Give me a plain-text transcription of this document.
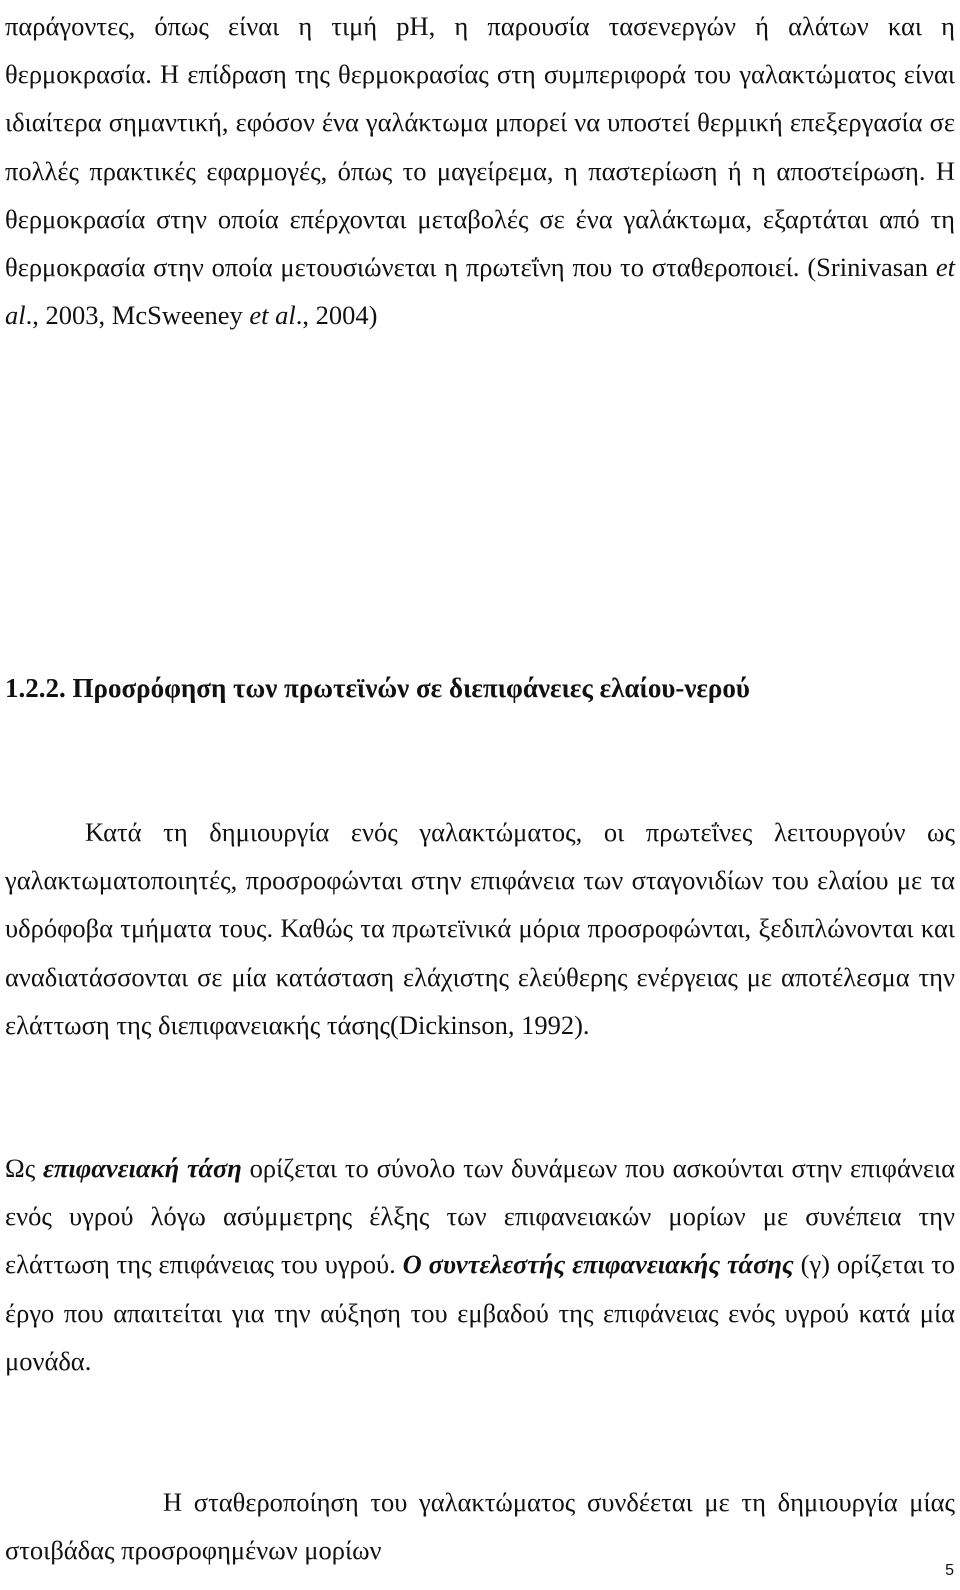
παράγοντες, όπως είναι η τιμή pH, η παρουσία τασενεργών ή αλάτων και η θερμοκρασία. Η επίδραση της θερμοκρασίας στη συμπεριφορά του γαλακτώματος είναι ιδιαίτερα σημαντική, εφόσον ένα γαλάκτωμα μπορεί να υποστεί θερμική επεξεργασία σε πολλές πρακτικές εφαρμογές, όπως το μαγείρεμα, η παστερίωση ή η αποστείρωση. Η θερμοκρασία στην οποία επέρχονται μεταβολές σε ένα γαλάκτωμα, εξαρτάται από τη θερμοκρασία στην οποία μετουσιώνεται η πρωτεΐνη που το σταθεροποιεί. (Srinivasan et al., 2003, McSweeney et al., 2004)

1.2.2. Προσρόφηση των πρωτεϊνών σε διεπιφάνειες ελαίου-νερού

Κατά τη δημιουργία ενός γαλακτώματος, οι πρωτεΐνες λειτουργούν ως γαλακτωματοποιητές, προσροφώνται στην επιφάνεια των σταγονιδίων του ελαίου με τα υδρόφοβα τμήματα τους. Καθώς τα πρωτεϊνικά μόρια προσροφώνται, ξεδιπλώνονται και αναδιατάσσονται σε μία κατάσταση ελάχιστης ελεύθερης ενέργειας με αποτέλεσμα την ελάττωση της διεπιφανειακής τάσης(Dickinson, 1992).

Ως επιφανειακή τάση ορίζεται το σύνολο των δυνάμεων που ασκούνται στην επιφάνεια ενός υγρού λόγω ασύμμετρης έλξης των επιφανειακών μορίων με συνέπεια την ελάττωση της επιφάνειας του υγρού. Ο συντελεστής επιφανειακής τάσης (γ) ορίζεται το έργο που απαιτείται για την αύξηση του εμβαδού της επιφάνειας ενός υγρού κατά μία μονάδα.

Η σταθεροποίηση του γαλακτώματος συνδέεται με τη δημιουργία μίας στοιβάδας προσροφημένων μορίων

5
